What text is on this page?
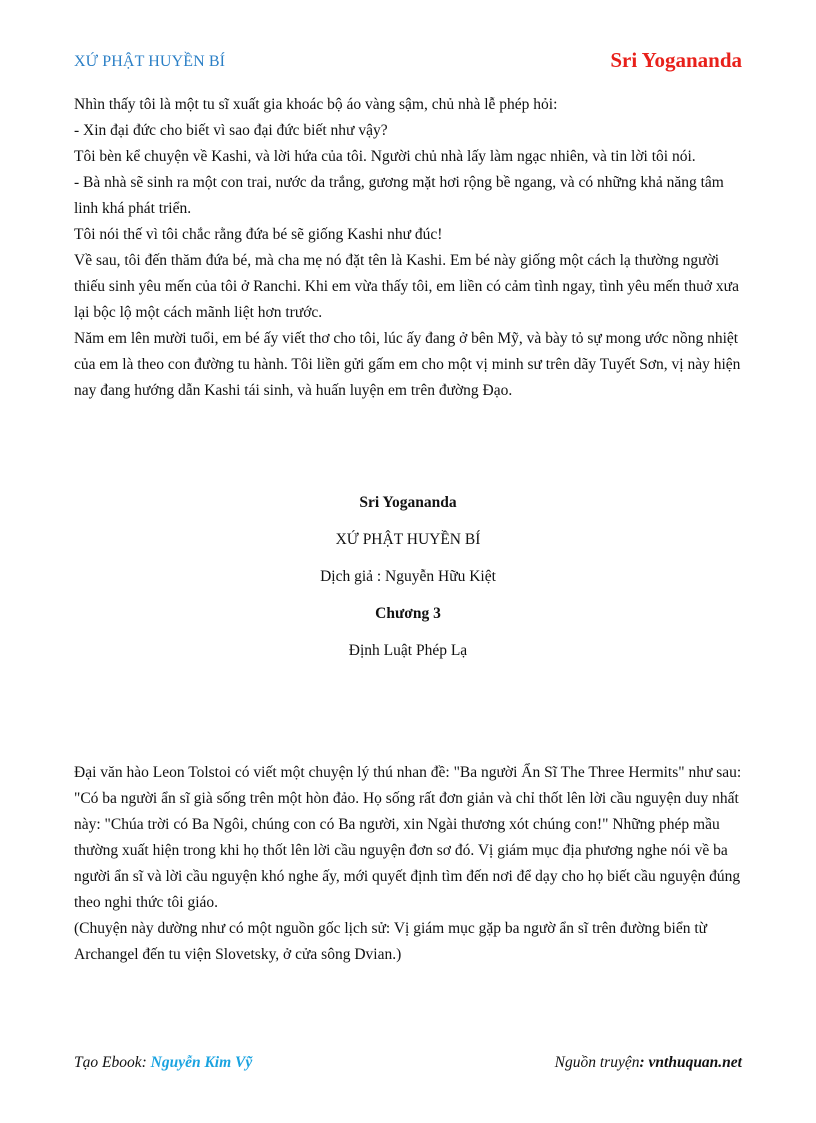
XỨ PHẬT HUYỀN BÍ	Sri Yogananda

Nhìn thấy tôi là một tu sĩ xuất gia khoác bộ áo vàng sậm, chủ nhà lễ phép hỏi:

- Xin đại đức cho biết vì sao đại đức biết như vậy?

Tôi bèn kể chuyện về Kashi, và lời hứa của tôi. Người chủ nhà lấy làm ngạc nhiên, và tin lời tôi nói.

- Bà nhà sẽ sinh ra một con trai, nước da trắng, gương mặt hơi rộng bề ngang, và có những khả năng tâm linh khá phát triển.

Tôi nói thế vì tôi chắc rằng đứa bé sẽ giống Kashi như đúc!

Về sau, tôi đến thăm đứa bé, mà cha mẹ nó đặt tên là Kashi. Em bé này giống một cách lạ thường người thiếu sinh yêu mến của tôi ở Ranchi. Khi em vừa thấy tôi, em liền có cảm tình ngay, tình yêu mến thuở xưa lại bộc lộ một cách mãnh liệt hơn trước.

Năm em lên mười tuổi, em bé ấy viết thơ cho tôi, lúc ấy đang ở bên Mỹ, và bày tỏ sự mong ước nồng nhiệt của em là theo con đường tu hành. Tôi liền gửi gấm em cho một vị minh sư trên dãy Tuyết Sơn, vị này hiện nay đang hướng dẫn Kashi tái sinh, và huấn luyện em trên đường Đạo.

Sri Yogananda
XỨ PHẬT HUYỀN BÍ
Dịch giả : Nguyễn Hữu Kiệt
Chương 3
Định Luật Phép Lạ

Đại văn hào Leon Tolstoi có viết một chuyện lý thú nhan đề: "Ba người Ẩn Sĩ The Three Hermits" như sau:

"Có ba người ẩn sĩ già sống trên một hòn đảo. Họ sống rất đơn giản và chỉ thốt lên lời cầu nguyện duy nhất này: "Chúa trời có Ba Ngôi, chúng con có Ba người, xin Ngài thương xót chúng con!" Những phép mầu thường xuất hiện trong khi họ thốt lên lời cầu nguyện đơn sơ đó. Vị giám mục địa phương nghe nói về ba người ẩn sĩ và lời cầu nguyện khó nghe ấy, mới quyết định tìm đến nơi để dạy cho họ biết cầu nguyện đúng theo nghi thức tôi giáo.

(Chuyện này dường như có một nguồn gốc lịch sử: Vị giám mục gặp ba ngườ ẩn sĩ trên đường biển từ Archangel đến tu viện Slovetsky, ở cửa sông Dvian.)

Tạo Ebook: Nguyễn Kim Vỹ	Nguồn truyện: vnthuquan.net
